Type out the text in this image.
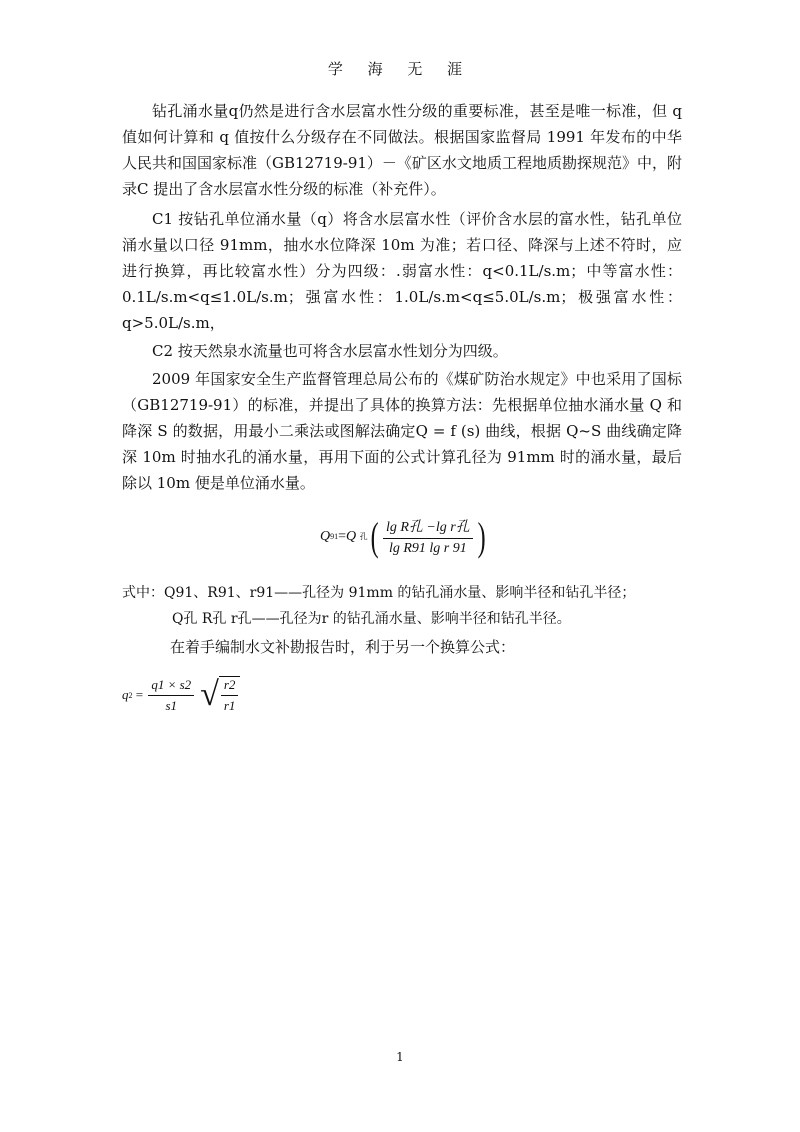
学 海 无 涯

钻孔涌水量q仍然是进行含水层富水性分级的重要标准，甚至是唯一标准，但 q 值如何计算和 q 值按什么分级存在不同做法。根据国家监督局 1991 年发布的中华人民共和国国家标准（GB12719-91）－《矿区水文地质工程地质勘探规范》中，附录C 提出了含水层富水性分级的标准（补充件）。

C1 按钻孔单位涌水量（q）将含水层富水性（评价含水层的富水性，钻孔单位涌水量以口径 91mm，抽水水位降深 10m 为准；若口径、降深与上述不符时，应进行换算，再比较富水性）分为四级：.弱富水性：q<0.1L/s.m；中等富水性：0.1L/s.m<q≤1.0L/s.m；强富水性：1.0L/s.m<q≤5.0L/s.m；极强富水性：q>5.0L/s.m，

C2 按天然泉水流量也可将含水层富水性划分为四级。

2009 年国家安全生产监督管理总局公布的《煤矿防治水规定》中也采用了国标（GB12719-91）的标准，并提出了具体的换算方法：先根据单位抽水涌水量 Q 和降深 S 的数据，用最小二乘法或图解法确定Q = f (s) 曲线，根据 Q~S 曲线确定降深 10m 时抽水孔的涌水量，再用下面的公式计算孔径为 91mm 时的涌水量，最后除以 10m 便是单位涌水量。

Q 91 = Q
孔 ( $\frac{\text{lg R孔 −lg r孔}}{\text{lg R91 lg r 91}}$ )
式中：Q91、R91、r91——孔径为 91mm 的钻孔涌水量、影响半径和钻孔半径；
Q孔 R孔 r孔——孔径为r 的钻孔涌水量、影响半径和钻孔半径。
在着手编制水文补勘报告时，利于另一个换算公式：
q $2 = \frac{q1 \times s2}{s1}$ √ $\frac{r2}{r1}$
1
